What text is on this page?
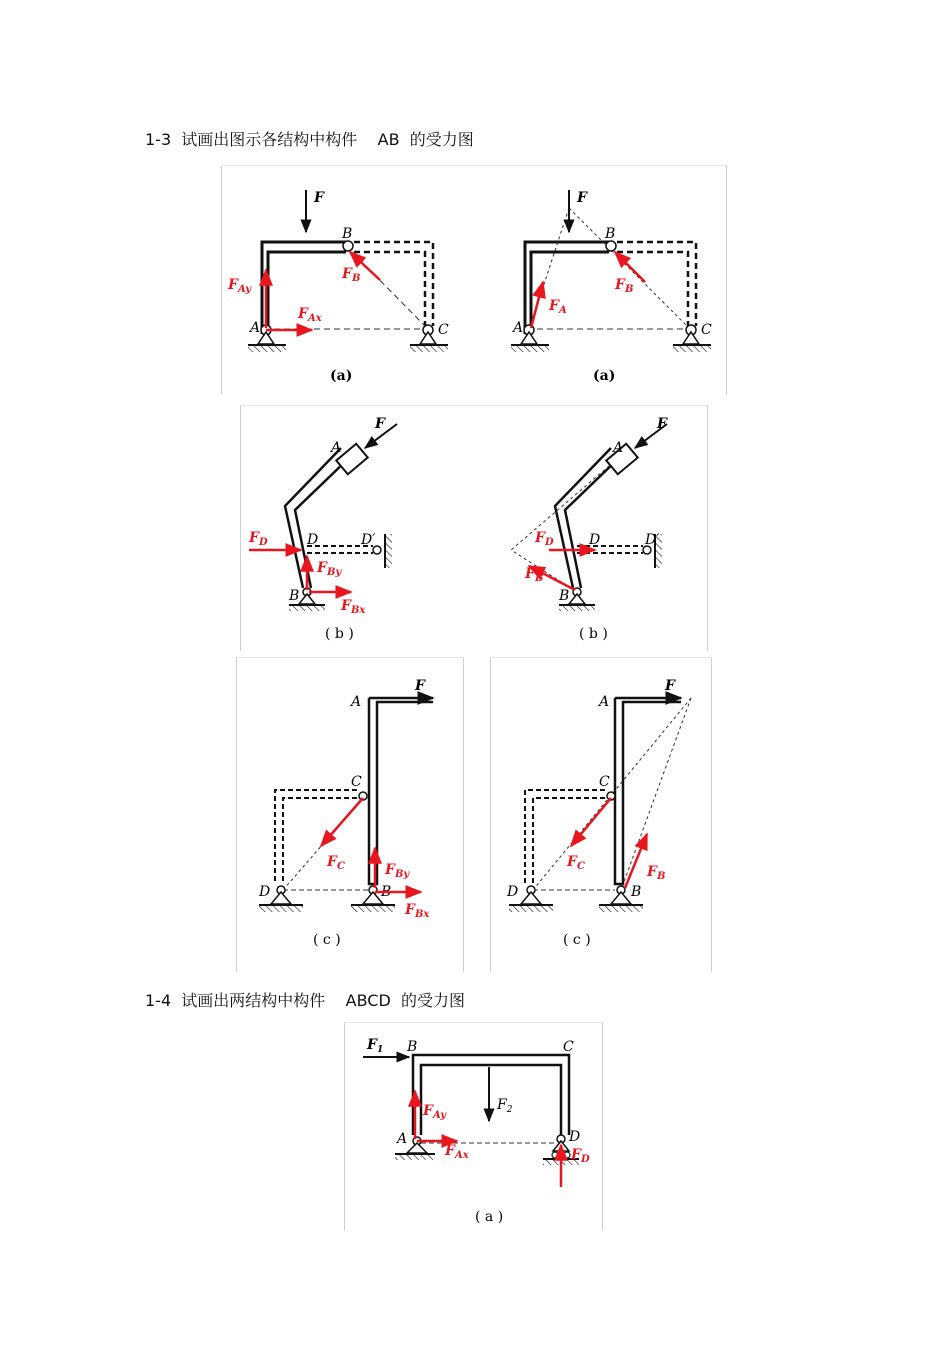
1-3  试画出图示各结构中构件    AB  的受力图
F
$F_{Ay}$
$F_{Ax}$
$F_B$
A
B
C
(a)
F
$F_A$
$F_B$
A
B
C
(a)
F
A
D	D′
B
$F_D$
$F_{By}$
$F_{Bx}$
( b )
F
A
D	D′
B
$F_D$
$F_B$
( b )
F
A
C
D	B
$F_C$	$F_{By}$
$F_{Bx}$
( c )
F
A
C
D	B
$F_C$	$F_B$
( c )
1-4  试画出两结构中构件    ABCD  的受力图
$F_1$ B	C
$F_2$
A	D
$F_{Ay}$
$F_{Ax}$	$F_D$
( a )
